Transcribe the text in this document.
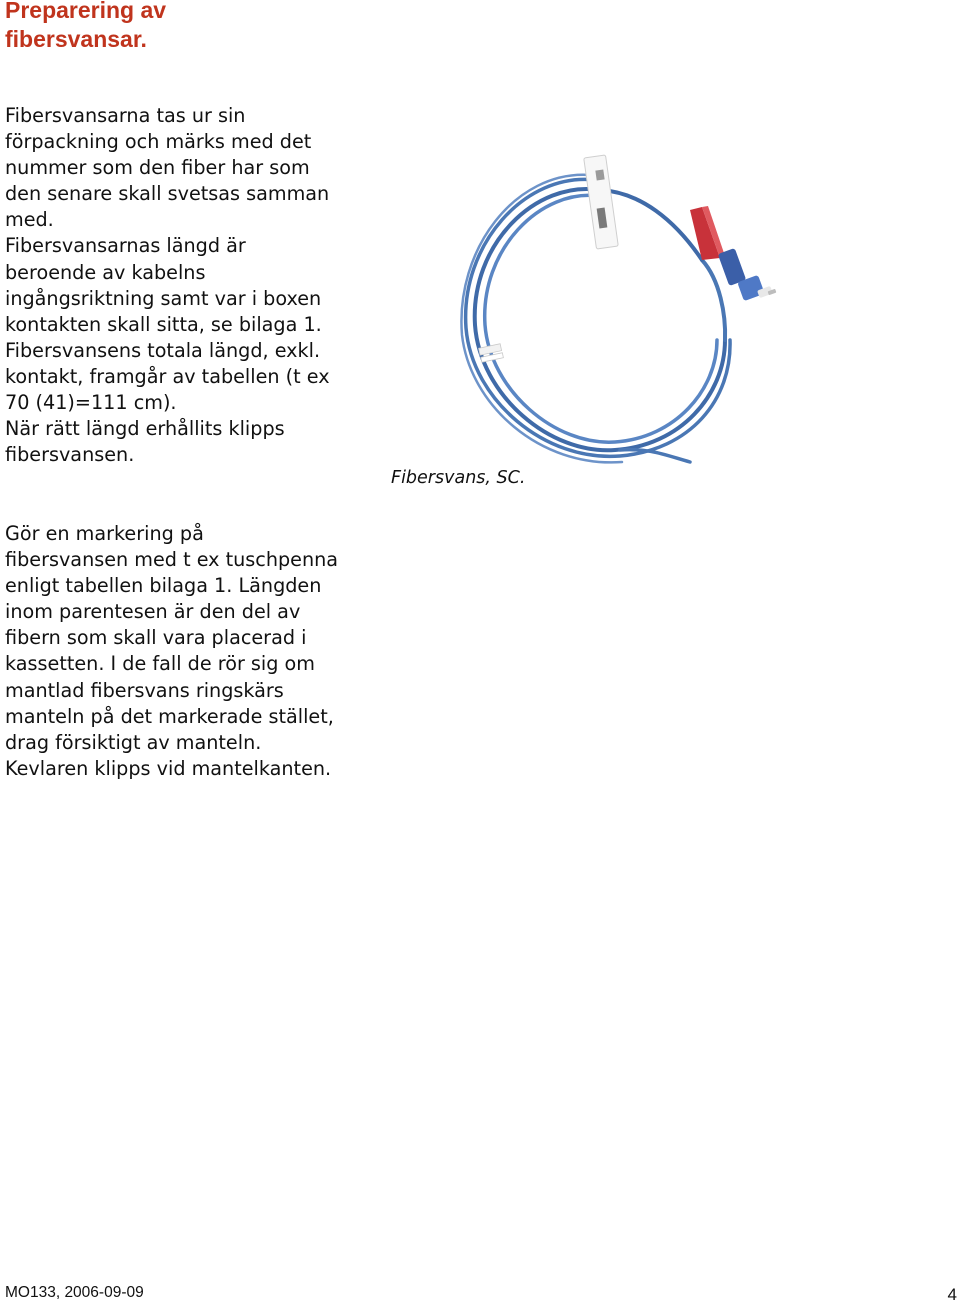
Preparering av
fibersvansar.
Fibersvansarna tas ur sin
förpackning och märks med det
nummer som den fiber har som
den senare skall svetsas samman
med.
Fibersvansarnas längd är
beroende av kabelns
ingångsriktning samt var i boxen
kontakten skall sitta, se bilaga 1.
Fibersvansens totala längd, exkl.
kontakt, framgår av tabellen (t ex
70 (41)=111 cm).
När rätt längd erhållits klipps
fibersvansen.

Fibersvans, SC.

Gör en markering på
fibersvansen med t ex tuschpenna
enligt tabellen bilaga 1. Längden
inom parentesen är den del av
fibern som skall vara placerad i
kassetten. I de fall de rör sig om
mantlad fibersvans ringskärs
manteln på det markerade stället,
drag försiktigt av manteln.
Kevlaren klipps vid mantelkanten.

MO133, 2006-09-09	4
